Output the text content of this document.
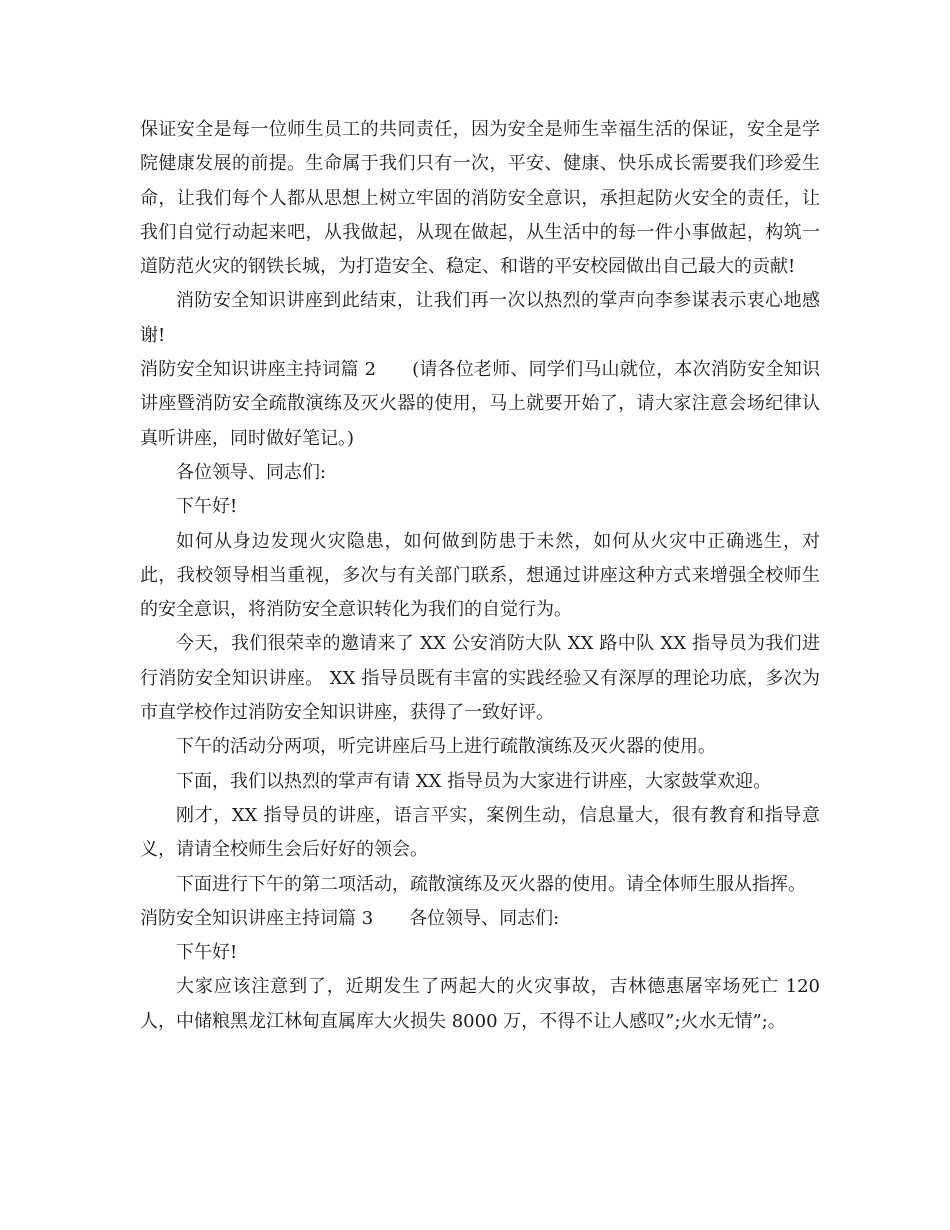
保证安全是每一位师生员工的共同责任，因为安全是师生幸福生活的保证，安全是学院健康发展的前提。生命属于我们只有一次，平安、健康、快乐成长需要我们珍爱生命，让我们每个人都从思想上树立牢固的消防安全意识，承担起防火安全的责任，让我们自觉行动起来吧，从我做起，从现在做起，从生活中的每一件小事做起，构筑一道防范火灾的钢铁长城，为打造安全、稳定、和谐的平安校园做出自己最大的贡献!

消防安全知识讲座到此结束，让我们再一次以热烈的掌声向李参谋表示衷心地感谢!

消防安全知识讲座主持词篇 2 (请各位老师、同学们马山就位，本次消防安全知识讲座暨消防安全疏散演练及灭火器的使用，马上就要开始了，请大家注意会场纪律认真听讲座，同时做好笔记。)

各位领导、同志们:

下午好!

如何从身边发现火灾隐患，如何做到防患于未然，如何从火灾中正确逃生，对此，我校领导相当重视，多次与有关部门联系，想通过讲座这种方式来增强全校师生的安全意识，将消防安全意识转化为我们的自觉行为。

今天，我们很荣幸的邀请来了 XX 公安消防大队 XX 路中队 XX 指导员为我们进行消防安全知识讲座。 XX 指导员既有丰富的实践经验又有深厚的理论功底，多次为市直学校作过消防安全知识讲座，获得了一致好评。

下午的活动分两项，听完讲座后马上进行疏散演练及灭火器的使用。

下面，我们以热烈的掌声有请 XX 指导员为大家进行讲座，大家鼓掌欢迎。

刚才，XX 指导员的讲座，语言平实，案例生动，信息量大，很有教育和指导意义，请请全校师生会后好好的领会。

下面进行下午的第二项活动，疏散演练及灭火器的使用。请全体师生服从指挥。

消防安全知识讲座主持词篇 3 各位领导、同志们:

下午好!

大家应该注意到了，近期发生了两起大的火灾事故，吉林德惠屠宰场死亡 120 人，中储粮黑龙江林甸直属库大火损失 8000 万，不得不让人感叹”;火水无情”;。
